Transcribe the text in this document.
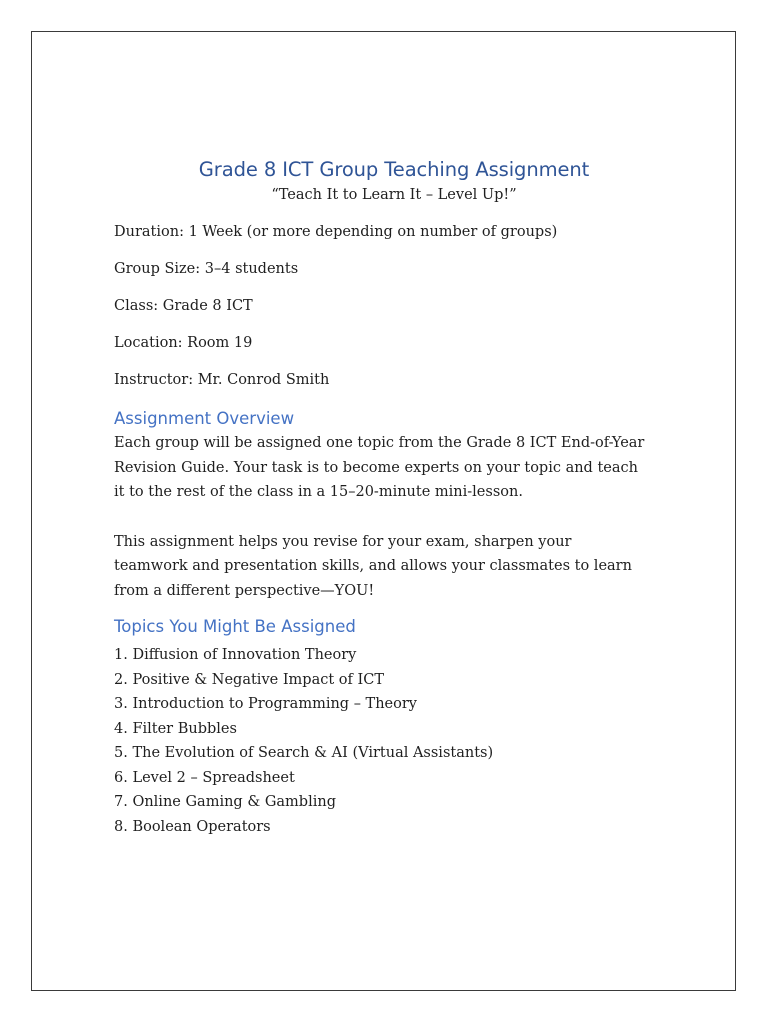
Grade 8 ICT Group Teaching Assignment

“Teach It to Learn It – Level Up!”

Duration: 1 Week (or more depending on number of groups)
Group Size: 3–4 students
Class: Grade 8 ICT
Location: Room 19
Instructor: Mr. Conrod Smith
Assignment Overview

Each group will be assigned one topic from the Grade 8 ICT End-of-Year

Revision Guide. Your task is to become experts on your topic and teach

it to the rest of the class in a 15–20-minute mini-lesson.

This assignment helps you revise for your exam, sharpen your

teamwork and presentation skills, and allows your classmates to learn

from a different perspective—YOU!

Topics You Might Be Assigned
1. Diffusion of Innovation Theory
2. Positive & Negative Impact of ICT
3. Introduction to Programming – Theory
4. Filter Bubbles
5. The Evolution of Search & AI (Virtual Assistants)
6. Level 2 – Spreadsheet
7. Online Gaming & Gambling
8. Boolean Operators
